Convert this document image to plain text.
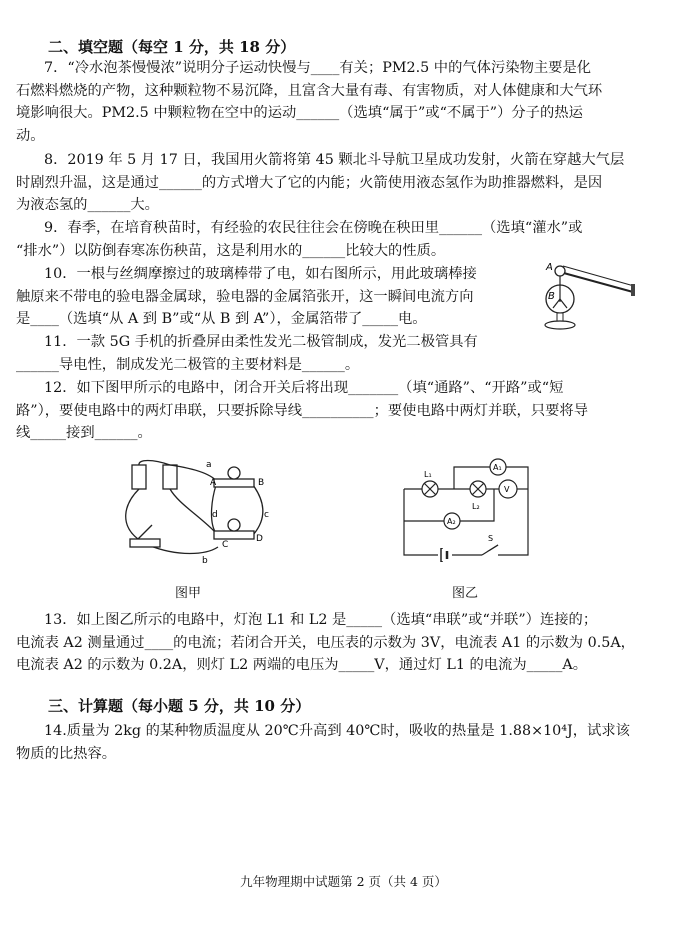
二、填空题（每空 1 分，共 18 分）

7．“冷水泡茶慢慢浓”说明分子运动快慢与____有关；PM2.5 中的气体污染物主要是化

石燃料燃烧的产物，这种颗粒物不易沉降，且富含大量有毒、有害物质，对人体健康和大气环

境影响很大。PM2.5 中颗粒物在空中的运动______（选填“属于”或“不属于”）分子的热运

动。

8．2019 年 5 月 17 日，我国用火箭将第 45 颗北斗导航卫星成功发射，火箭在穿越大气层

时剧烈升温，这是通过______的方式增大了它的内能；火箭使用液态氢作为助推器燃料，是因

为液态氢的______大。

9．春季，在培育秧苗时，有经验的农民往往会在傍晚在秧田里______（选填“灌水”或

“排水”）以防倒春寒冻伤秧苗，这是利用水的______比较大的性质。

10．一根与丝绸摩擦过的玻璃棒带了电，如右图所示，用此玻璃棒接

触原来不带电的验电器金属球，验电器的金属箔张开，这一瞬间电流方向

是____（选填“从 A 到 B”或“从 B 到 A”），金属箔带了_____电。

A
B

11．一款 5G 手机的折叠屏由柔性发光二极管制成，发光二极管具有

______导电性，制成发光二极管的主要材料是______。

12．如下图甲所示的电路中，闭合开关后将出现_______（填“通路”、“开路”或“短

路”），要使电路中的两灯串联，只要拆除导线__________；要使电路中两灯并联，只要将导

线_____接到______。

a
b
c
d
A	B
C
D
图甲
L₁
L₂
A₁
A₂
V
S
图乙

13．如上图乙所示的电路中，灯泡 L1 和 L2 是_____（选填“串联”或“并联”）连接的；

电流表 A2 测量通过____的电流；若闭合开关，电压表的示数为 3V，电流表 A1 的示数为 0.5A，

电流表 A2 的示数为 0.2A，则灯 L2 两端的电压为_____V，通过灯 L1 的电流为_____A。

三、计算题（每小题 5 分，共 10 分）

14.质量为 2kg 的某种物质温度从 20℃升高到 40℃时，吸收的热量是 1.88×10⁴J，试求该

物质的比热容。

九年物理期中试题第 2 页（共 4 页）
